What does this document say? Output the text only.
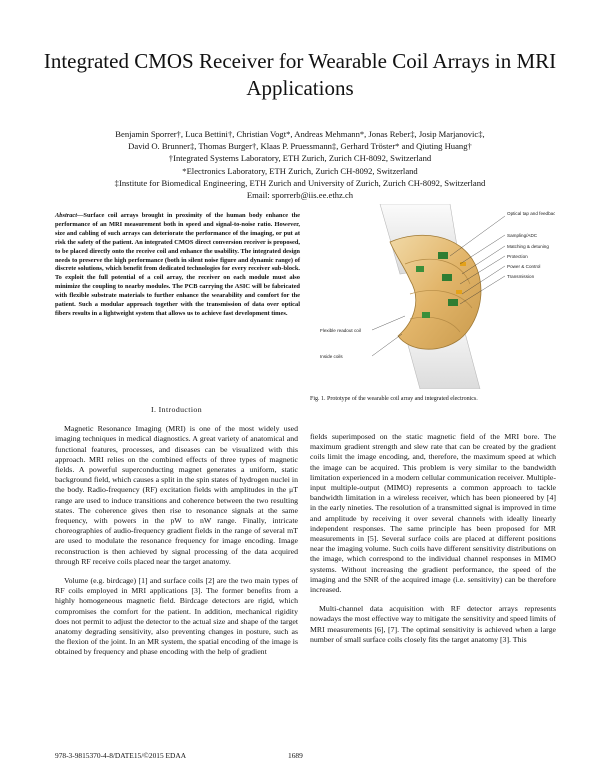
Integrated CMOS Receiver for Wearable Coil Arrays in MRI Applications
Benjamin Sporrer†, Luca Bettini†, Christian Vogt*, Andreas Mehmann*, Jonas Reber‡, Josip Marjanovic‡,
David O. Brunner‡, Thomas Burger†, Klaas P. Pruessmann‡, Gerhard Tröster* and Qiuting Huang†
†Integrated Systems Laboratory, ETH Zurich, Zurich CH-8092, Switzerland
*Electronics Laboratory, ETH Zurich, Zurich CH-8092, Switzerland
‡Institute for Biomedical Engineering, ETH Zurich and University of Zurich, Zurich CH-8092, Switzerland
Email: sporrerb@iis.ee.ethz.ch
Abstract—Surface coil arrays brought in proximity of the human body enhance the performance of an MRI measurement both in speed and signal-to-noise ratio. However, size and cabling of such arrays can deteriorate the performance of the imaging, or put at risk the safety of the patient. An integrated CMOS direct conversion receiver is proposed, to be placed directly onto the receive coil and enhance the usability. The integrated design needs to preserve the high performance (both in silent noise figure and dynamic range) of discrete solutions, which benefit from dedicated technologies for every receiver sub-block. To exploit the full potential of a coil array, the receiver on each module must also minimize the coupling to nearby modules. The PCB carrying the ASIC will be fabricated with flexible substrate materials to further enhance the wearability and comfort for the patient. Such a modular approach together with the transmission of data over optical fibers results in a lightweight system that allows us to achieve fast development times.
Optical tap and feedback
Sampling/ADC
Matching & detuning
Protection
Power & Control
Transmission
Flexible readout coil
Inside coils
Fig. 1. Prototype of the wearable coil array and integrated electronics.

I. Introduction

Magnetic Resonance Imaging (MRI) is one of the most widely used imaging techniques in medical diagnostics. A great variety of anatomical and functional features, processes, and diseases can be visualized with this approach. MRI relies on the combined effects of three types of magnetic fields. A powerful superconducting magnet generates a uniform, static background field, which causes a split in the spin states of hydrogen nuclei in the body. Radio-frequency (RF) excitation fields with amplitudes in the μT range are used to induce transitions and coherence between the two resulting states. The coherence gives then rise to resonance signals at the same frequency, with powers in the pW to nW range. Finally, intricate choreographies of audio-frequency gradient fields in the range of several mT are used to modulate the resonance frequency for image encoding. Image reconstruction is then achieved by signal processing of the data acquired through RF receive coils placed near the target anatomy.

Volume (e.g. birdcage) [1] and surface coils [2] are the two main types of RF coils employed in MRI applications [3]. The former benefits from a highly homogeneous magnetic field. Birdcage detectors are rigid, which compromises the comfort for the patient. In addition, mechanical rigidity does not permit to adjust the detector to the actual size and shape of the target anatomy degrading sensitivity, also preventing changes in posture, such as the flexion of the joint. In an MR system, the spatial encoding of the image is obtained by frequency and phase encoding with the help of gradient

fields superimposed on the static magnetic field of the MRI bore. The maximum gradient strength and slew rate that can be created by the gradient coils limit the image encoding, and, therefore, the maximum speed at which the image can be acquired. This problem is very similar to the bandwidth limitation experienced in a modern cellular communication receiver. Multiple-input multiple-output (MIMO) represents a common approach to tackle bandwidth limitation in a wireless receiver, which has been pioneered by [4] in the early nineties. The resolution of a transmitted signal is improved in time and amplitude by receiving it over several channels with ideally linearly independent responses. The same principle has been proposed for MR measurements in [5]. Several surface coils are placed at different positions near the imaging volume. Such coils have different sensitivity distributions on the image, which correspond to the individual channel responses in MIMO systems. Without increasing the gradient performance, the speed of the imaging and the SNR of the acquired image (i.e. sensitivity) can be therefore increased.

Multi-channel data acquisition with RF detector arrays represents nowadays the most effective way to mitigate the sensitivity and speed limits of MRI measurements [6], [7]. The optimal sensitivity is achieved when a large number of small surface coils closely fits the target anatomy [3]. This

978-3-9815370-4-8/DATE15/©2015 EDAA	1689
